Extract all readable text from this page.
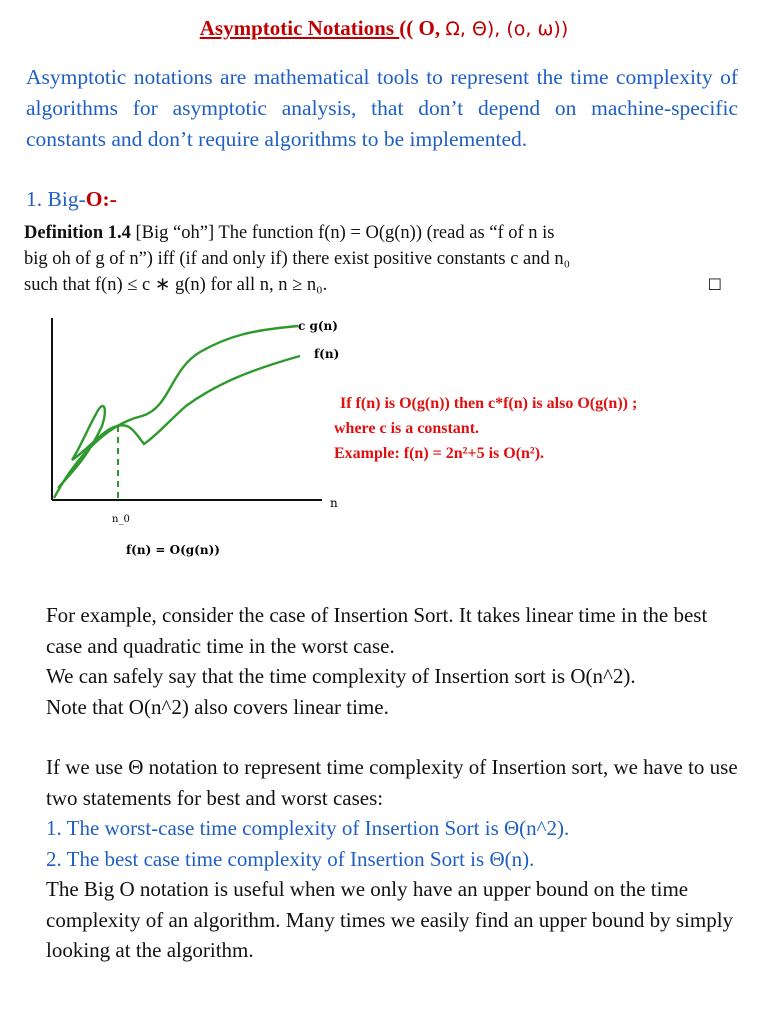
Asymptotic Notations (( O, Ω, Θ), (ο, ω))
Asymptotic notations are mathematical tools to represent the time complexity of algorithms for asymptotic analysis, that don’t depend on machine-specific constants and don’t require algorithms to be implemented.
1. Big-O:-

Definition 1.4 [Big “oh”] The function f(n) = O(g(n)) (read as “f of n is

big oh of g of n”) iff (if and only if) there exist positive constants c and n₀

such that f(n) ≤ c ∗ g(n) for all n, n ≥ n₀.	☐

c g(n)
f(n)
n
n_0
f(n) = O(g(n))

If f(n) is O(g(n)) then c*f(n) is also O(g(n)) ;

where c is a constant.

Example: f(n) = 2n²+5 is O(n²).

For example, consider the case of Insertion Sort. It takes linear time in the best case and quadratic time in the worst case.

We can safely say that the time complexity of Insertion sort is O(n^2).

Note that O(n^2) also covers linear time.

If we use Θ notation to represent time complexity of Insertion sort, we have to use two statements for best and worst cases:

1. The worst-case time complexity of Insertion Sort is Θ(n^2).

2. The best case time complexity of Insertion Sort is Θ(n).

The Big O notation is useful when we only have an upper bound on the time complexity of an algorithm. Many times we easily find an upper bound by simply looking at the algorithm.
